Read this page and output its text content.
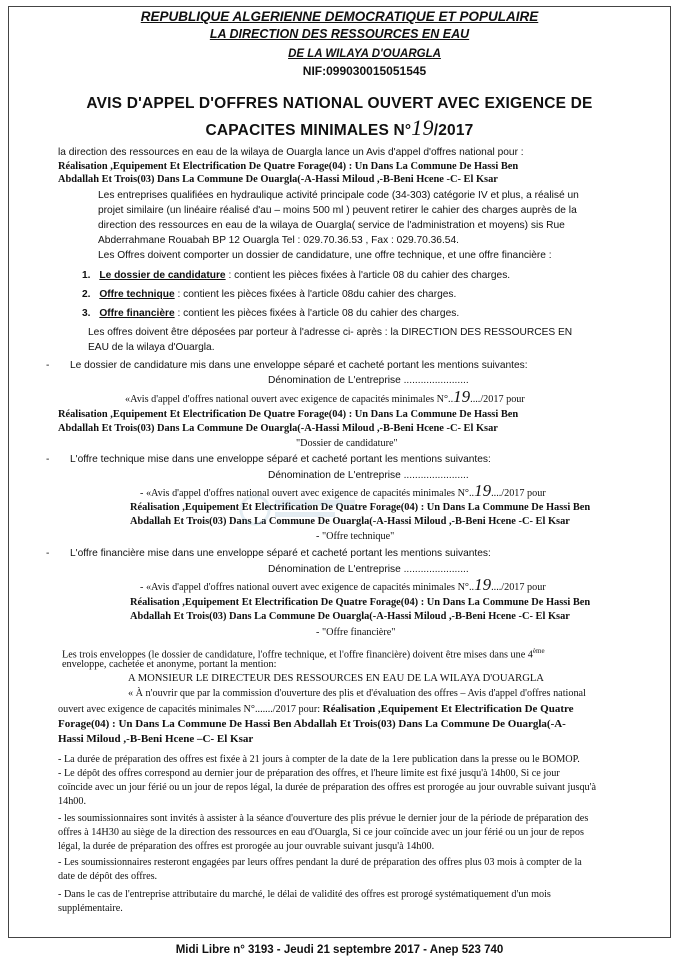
REPUBLIQUE ALGERIENNE DEMOCRATIQUE ET POPULAIRE
LA DIRECTION DES RESSOURCES EN EAU
DE LA WILAYA D'OUARGLA
NIF:099030015051545
AVIS D'APPEL D'OFFRES NATIONAL OUVERT AVEC EXIGENCE DE
CAPACITES MINIMALES N°19/2017
la direction des ressources en eau de la wilaya de Ouargla lance un Avis d'appel d'offres national pour :
Réalisation ,Equipement Et Electrification De Quatre Forage(04) : Un Dans La Commune De Hassi Ben
Abdallah Et Trois(03) Dans La Commune De Ouargla(-A-Hassi Miloud ,-B-Beni Hcene -C- El Ksar
Les entreprises qualifiées en hydraulique activité principale code (34-303) catégorie IV et plus, a réalisé un
projet similaire (un linéaire réalisé d'au – moins 500 ml ) peuvent retirer le cahier des charges auprès de la
direction des ressources en eau de la wilaya de Ouargla( service de l'administration et moyens) sis Rue
Abderrahmane Rouabah BP 12 Ouargla Tel : 029.70.36.53 , Fax : 029.70.36.54.
Les Offres doivent comporter un dossier de candidature, une offre technique, et une offre financière :
1. Le dossier de candidature : contient les pièces fixées à l'article 08 du cahier des charges.
2. Offre technique : contient les pièces fixées à l'article 08du cahier des charges.
3. Offre financière : contient les pièces fixées à l'article 08 du cahier des charges.
Les offres doivent être déposées par porteur à l'adresse ci- après : la DIRECTION DES RESSOURCES EN
EAU de la wilaya d'Ouargla.
- Le dossier de candidature mis dans une enveloppe séparé et cacheté portant les mentions suivantes:
Dénomination de L'entreprise .......................
«Avis d'appel d'offres national ouvert avec exigence de capacités minimales N°..19..../2017 pour
Réalisation ,Equipement Et Electrification De Quatre Forage(04) : Un Dans La Commune De Hassi Ben
Abdallah Et Trois(03) Dans La Commune De Ouargla(-A-Hassi Miloud ,-B-Beni Hcene -C- El Ksar
"Dossier de candidature"
- L'offre technique mise dans une enveloppe séparé et cacheté portant les mentions suivantes:
Dénomination de L'entreprise .......................
- «Avis d'appel d'offres national ouvert avec exigence de capacités minimales N°..19..../2017 pour
Réalisation ,Equipement Et Electrification De Quatre Forage(04) : Un Dans La Commune De Hassi Ben
Abdallah Et Trois(03) Dans La Commune De Ouargla(-A-Hassi Miloud ,-B-Beni Hcene -C- El Ksar
- "Offre technique"
- L'offre financière mise dans une enveloppe séparé et cacheté portant les mentions suivantes:
Dénomination de L'entreprise .......................
- «Avis d'appel d'offres national ouvert avec exigence de capacités minimales N°..19..../2017 pour
Réalisation ,Equipement Et Electrification De Quatre Forage(04) : Un Dans La Commune De Hassi Ben
Abdallah Et Trois(03) Dans La Commune De Ouargla(-A-Hassi Miloud ,-B-Beni Hcene -C- El Ksar
- "Offre financière"
Les trois enveloppes (le dossier de candidature, l'offre technique, et l'offre financière) doivent être mises dans une 4ème
enveloppe, cachetée et anonyme, portant la mention:
A MONSIEUR LE DIRECTEUR DES RESSOURCES EN EAU DE LA WILAYA D'OUARGLA
« À n'ouvrir que par la commission d'ouverture des plis et d'évaluation des offres – Avis d'appel d'offres national
ouvert avec exigence de capacités minimales N°......./2017 pour: Réalisation ,Equipement Et Electrification De Quatre
Forage(04) : Un Dans La Commune De Hassi Ben Abdallah Et Trois(03) Dans La Commune De Ouargla(-A-
Hassi Miloud ,-B-Beni Hcene –C- El Ksar
- La durée de préparation des offres est fixée à 21 jours à compter de la date de la 1ere publication dans la presse ou le BOMOP.
- Le dépôt des offres correspond au dernier jour de préparation des offres, et l'heure limite est fixé jusqu'à 14h00, Si ce jour
coïncide avec un jour férié ou un jour de repos légal, la durée de préparation des offres est prorogée au jour ouvrable suivant jusqu'à
14h00.
- les soumissionnaires sont invités à assister à la séance d'ouverture des plis prévue le dernier jour de la période de préparation des
offres à 14H30 au siège de la direction des ressources en eau d'Ouargla, Si ce jour coïncide avec un jour férié ou un jour de repos
légal, la durée de préparation des offres est prorogée au jour ouvrable suivant jusqu'à 14h00.
- Les soumissionnaires resteront engagées par leurs offres pendant la duré de préparation des offres plus 03 mois à compter de la
date de dépôt des offres.
- Dans le cas de l'entreprise attributaire du marché, le délai de validité des offres est prorogé systématiquement d'un mois
supplémentaire.
Midi Libre n° 3193 - Jeudi 21 septembre 2017 - Anep 523 740
